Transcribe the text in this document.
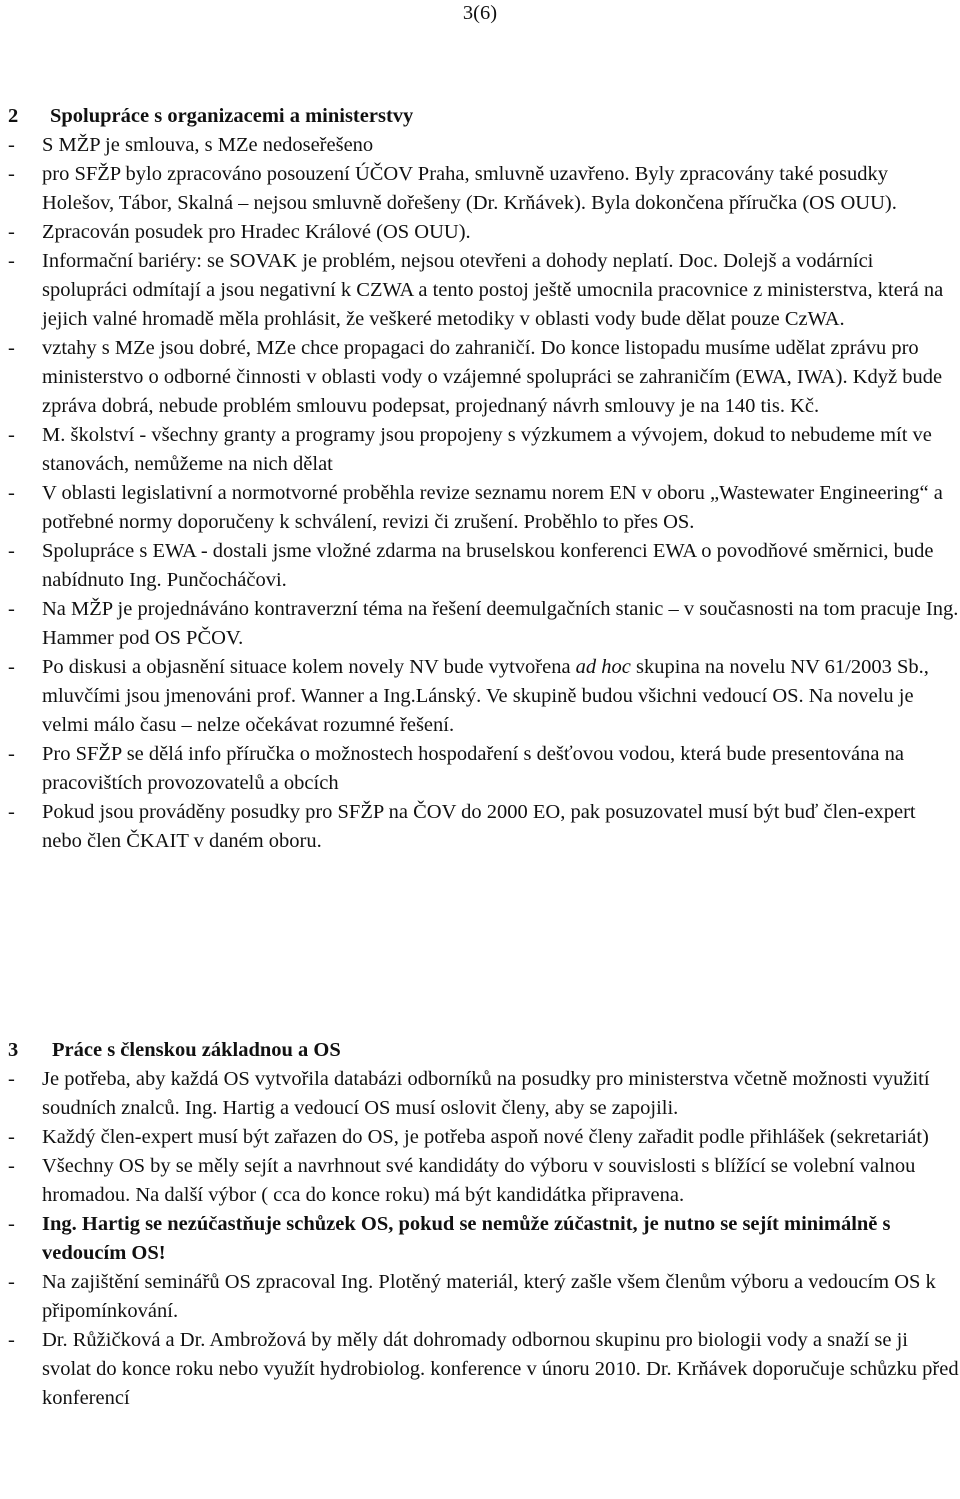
3(6)
2 Spolupráce s organizacemi a ministerstvy
- S MŽP je smlouva, s MZe nedoseřešeno
- pro SFŽP bylo zpracováno posouzení ÚČOV Praha, smluvně uzavřeno. Byly zpracovány také posudky Holešov, Tábor, Skalná – nejsou smluvně dořešeny (Dr. Krňávek). Byla dokončena příručka (OS OUU).
- Zpracován posudek pro Hradec Králové (OS OUU).
- Informační bariéry: se SOVAK je problém, nejsou otevřeni a dohody neplatí. Doc. Dolejš a vodárníci spolupráci odmítají a jsou negativní k CZWA a tento postoj ještě umocnila pracovnice z ministerstva, která na jejich valné hromadě měla prohlásit, že veškeré metodiky v oblasti vody bude dělat pouze CzWA.
- vztahy s MZe jsou dobré, MZe chce propagaci do zahraničí. Do konce listopadu musíme udělat zprávu pro ministerstvo o odborné činnosti v oblasti vody o vzájemné spolupráci se zahraničím (EWA, IWA). Když bude zpráva dobrá, nebude problém smlouvu podepsat, projednaný návrh smlouvy je na 140 tis. Kč.
- M. školství - všechny granty a programy jsou propojeny s výzkumem a vývojem, dokud to nebudeme mít ve stanovách, nemůžeme na nich dělat
- V oblasti legislativní a normotvorné proběhla revize seznamu norem EN v oboru „Wastewater Engineering“ a potřebné normy doporučeny k schválení, revizi či zrušení. Proběhlo to přes OS.
- Spolupráce s EWA - dostali jsme vložné zdarma na bruselskou konferenci EWA o povodňové směrnici, bude nabídnuto Ing. Punčocháčovi.
- Na MŽP je projednáváno kontraverzní téma na řešení deemulgačních stanic – v současnosti na tom pracuje Ing. Hammer pod OS PČOV.
- Po diskusi a objasnění situace kolem novely NV bude vytvořena ad hoc skupina na novelu NV 61/2003 Sb., mluvčími jsou jmenováni prof. Wanner a Ing.Lánský. Ve skupině budou všichni vedoucí OS. Na novelu je velmi málo času – nelze očekávat rozumné řešení.
- Pro SFŽP se dělá info příručka o možnostech hospodaření s dešťovou vodou, která bude presentována na pracovištích provozovatelů a obcích
- Pokud jsou prováděny posudky pro SFŽP na ČOV do 2000 EO, pak posuzovatel musí být buď člen-expert nebo člen ČKAIT v daném oboru.
3 Práce s členskou základnou a OS
- Je potřeba, aby každá OS vytvořila databázi odborníků na posudky pro ministerstva včetně možnosti využití soudních znalců. Ing. Hartig a vedoucí OS musí oslovit členy, aby se zapojili.
- Každý člen-expert musí být zařazen do OS, je potřeba aspoň nové členy zařadit podle přihlášek (sekretariát)
- Všechny OS by se měly sejít a navrhnout své kandidáty do výboru v souvislosti s blížící se volební valnou hromadou. Na další výbor ( cca do konce roku) má být kandidátka připravena.
- Ing. Hartig se nezúčastňuje schůzek OS, pokud se nemůže zúčastnit, je nutno se sejít minimálně s vedoucím OS!
- Na zajištění seminářů OS zpracoval Ing. Plotěný materiál, který zašle všem členům výboru a vedoucím OS k připomínkování.
- Dr. Růžičková a Dr. Ambrožová by měly dát dohromady odbornou skupinu pro biologii vody a snaží se ji svolat do konce roku nebo využít hydrobiolog. konference v únoru 2010. Dr. Krňávek doporučuje schůzku před konferencí
